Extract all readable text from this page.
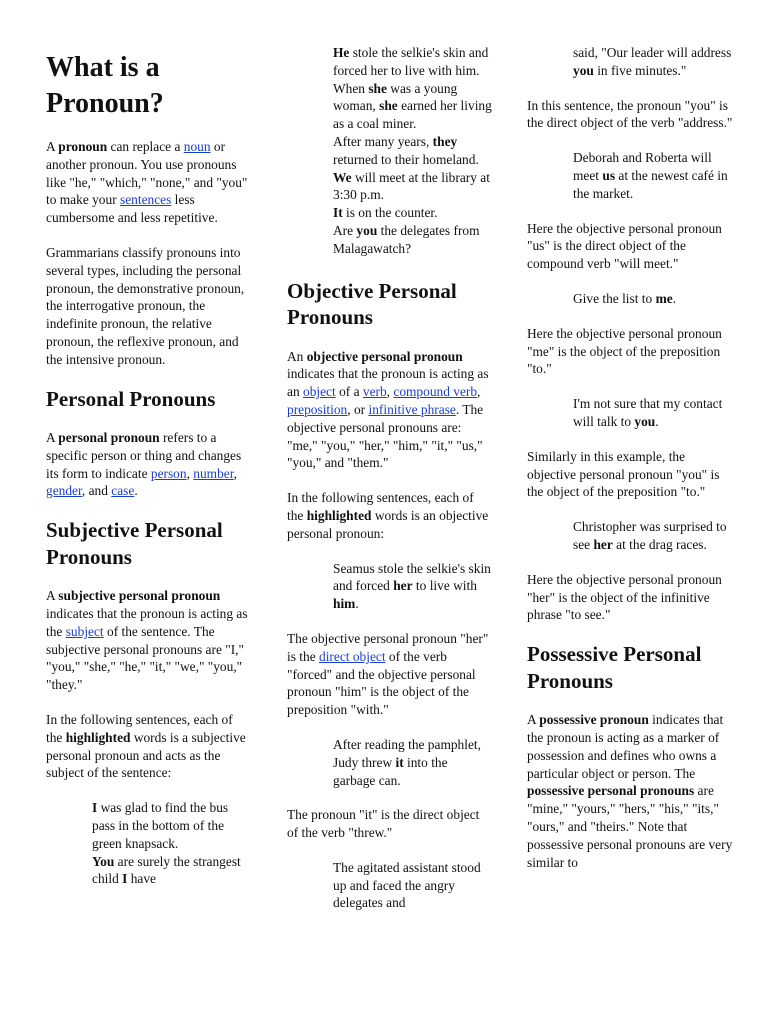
What is a Pronoun?

A pronoun can replace a noun or another pronoun. You use pronouns like "he," "which," "none," and "you" to make your sentences less cumbersome and less repetitive.

Grammarians classify pronouns into several types, including the personal pronoun, the demonstrative pronoun, the interrogative pronoun, the indefinite pronoun, the relative pronoun, the reflexive pronoun, and the intensive pronoun.

Personal Pronouns

A personal pronoun refers to a specific person or thing and changes its form to indicate person, number, gender, and case.

Subjective Personal Pronouns

A subjective personal pronoun indicates that the pronoun is acting as the subject of the sentence. The subjective personal pronouns are "I," "you," "she," "he," "it," "we," "you," "they."

In the following sentences, each of the highlighted words is a subjective personal pronoun and acts as the subject of the sentence:

I was glad to find the bus pass in the bottom of the green knapsack.
You are surely the strangest child I have
He stole the selkie's skin and forced her to live with him.
When she was a young woman, she earned her living as a coal miner.
After many years, they returned to their homeland.
We will meet at the library at 3:30 p.m.
It is on the counter.
Are you the delegates from Malagawatch?
Objective Personal Pronouns

An objective personal pronoun indicates that the pronoun is acting as an object of a verb, compound verb, preposition, or infinitive phrase. The objective personal pronouns are: "me," "you," "her," "him," "it," "us," "you," and "them."

In the following sentences, each of the highlighted words is an objective personal pronoun:

Seamus stole the selkie's skin and forced her to live with him.

The objective personal pronoun "her" is the direct object of the verb "forced" and the objective personal pronoun "him" is the object of the preposition "with."

After reading the pamphlet, Judy threw it into the garbage can.

The pronoun "it" is the direct object of the verb "threw."

The agitated assistant stood up and faced the angry delegates and

said, "Our leader will address you in five minutes."

In this sentence, the pronoun "you" is the direct object of the verb "address."

Deborah and Roberta will meet us at the newest café in the market.

Here the objective personal pronoun "us" is the direct object of the compound verb "will meet."

Give the list to me.

Here the objective personal pronoun "me" is the object of the preposition "to."

I'm not sure that my contact will talk to you.

Similarly in this example, the objective personal pronoun "you" is the object of the preposition "to."

Christopher was surprised to see her at the drag races.

Here the objective personal pronoun "her" is the object of the infinitive phrase "to see."

Possessive Personal Pronouns

A possessive pronoun indicates that the pronoun is acting as a marker of possession and defines who owns a particular object or person. The possessive personal pronouns are "mine," "yours," "hers," "his," "its," "ours," and "theirs." Note that possessive personal pronouns are very similar to
